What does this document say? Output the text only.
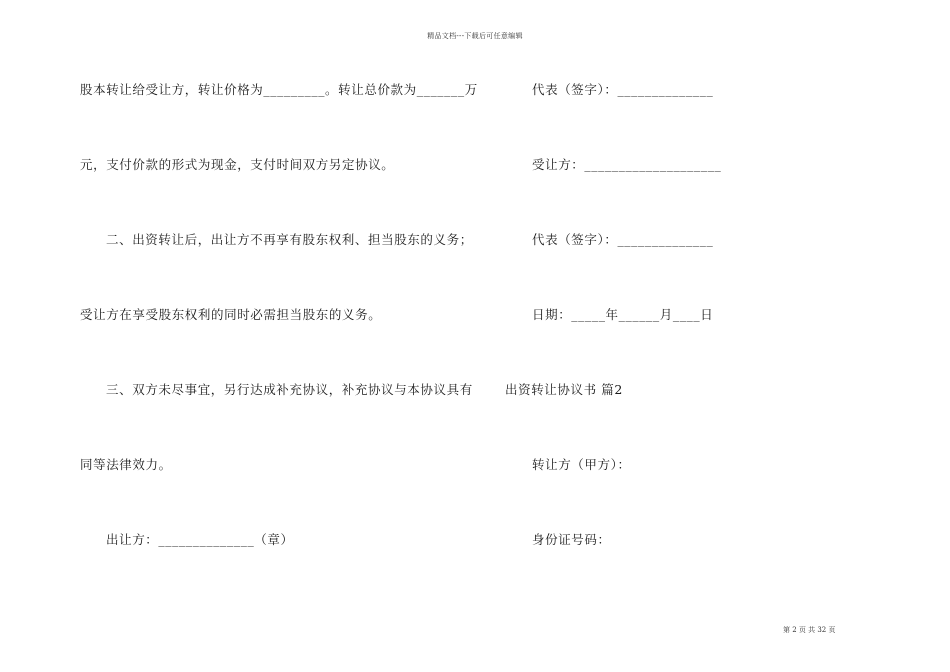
精品文档---下载后可任意编辑
股本转让给受让方，转让价格为_________。转让总价款为_______万
元，支付价款的形式为现金，支付时间双方另定协议。
二、出资转让后，出让方不再享有股东权利、担当股东的义务；
受让方在享受股东权利的同时必需担当股东的义务。
三、双方未尽事宜，另行达成补充协议，补充协议与本协议具有
同等法律效力。
出让方：______________（章）
代表（签字）：______________
受让方：____________________
代表（签字）：______________
日期：_____年______月____日
出资转让协议书 篇2
转让方（甲方）：
身份证号码：
第 2 页 共 32 页
